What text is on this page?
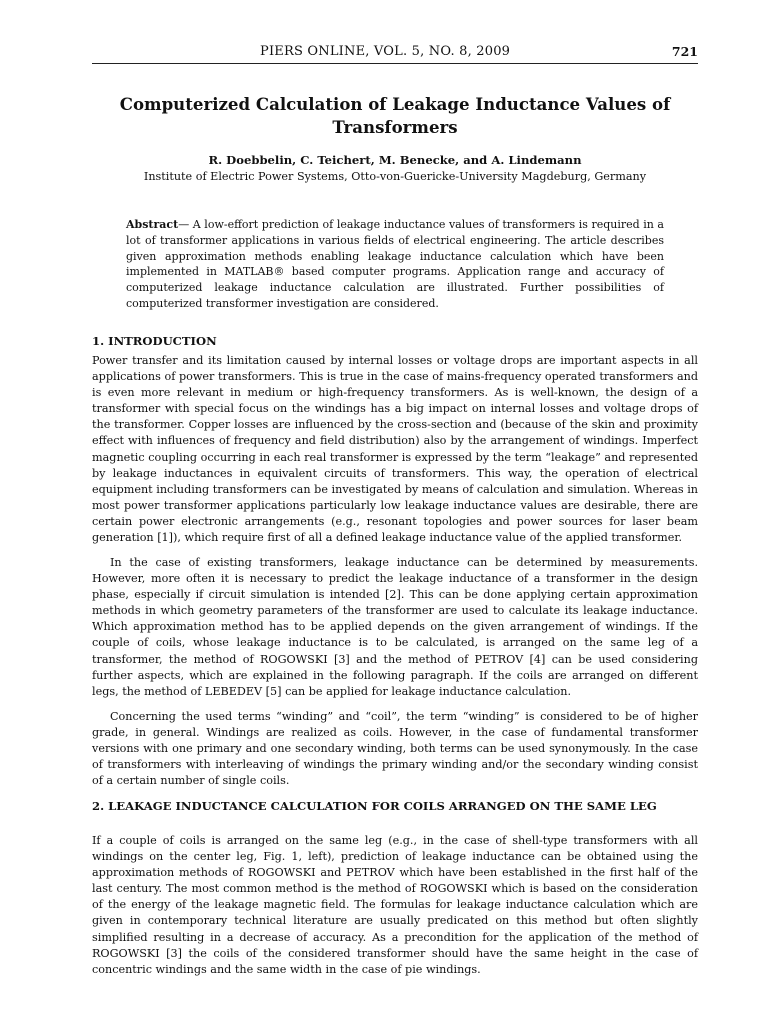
PIERS ONLINE, VOL. 5, NO. 8, 2009	721
Computerized Calculation of Leakage Inductance Values of Transformers
R. Doebbelin, C. Teichert, M. Benecke, and A. Lindemann
Institute of Electric Power Systems, Otto-von-Guericke-University Magdeburg, Germany

Abstract— A low-effort prediction of leakage inductance values of transformers is required in a lot of transformer applications in various fields of electrical engineering. The article describes given approximation methods enabling leakage inductance calculation which have been implemented in MATLAB® based computer programs. Application range and accuracy of computerized leakage inductance calculation are illustrated. Further possibilities of computerized transformer investigation are considered.

1. INTRODUCTION

Power transfer and its limitation caused by internal losses or voltage drops are important aspects in all applications of power transformers. This is true in the case of mains-frequency operated transformers and is even more relevant in medium or high-frequency transformers. As is well-known, the design of a transformer with special focus on the windings has a big impact on internal losses and voltage drops of the transformer. Copper losses are influenced by the cross-section and (because of the skin and proximity effect with influences of frequency and field distribution) also by the arrangement of windings. Imperfect magnetic coupling occurring in each real transformer is expressed by the term “leakage” and represented by leakage inductances in equivalent circuits of transformers. This way, the operation of electrical equipment including transformers can be investigated by means of calculation and simulation. Whereas in most power transformer applications particularly low leakage inductance values are desirable, there are certain power electronic arrangements (e.g., resonant topologies and power sources for laser beam generation [1]), which require first of all a defined leakage inductance value of the applied transformer.

In the case of existing transformers, leakage inductance can be determined by measurements. However, more often it is necessary to predict the leakage inductance of a transformer in the design phase, especially if circuit simulation is intended [2]. This can be done applying certain approximation methods in which geometry parameters of the transformer are used to calculate its leakage inductance. Which approximation method has to be applied depends on the given arrangement of windings. If the couple of coils, whose leakage inductance is to be calculated, is arranged on the same leg of a transformer, the method of ROGOWSKI [3] and the method of PETROV [4] can be used considering further aspects, which are explained in the following paragraph. If the coils are arranged on different legs, the method of LEBEDEV [5] can be applied for leakage inductance calculation.

Concerning the used terms “winding” and “coil”, the term “winding” is considered to be of higher grade, in general. Windings are realized as coils. However, in the case of fundamental transformer versions with one primary and one secondary winding, both terms can be used synonymously. In the case of transformers with interleaving of windings the primary winding and/or the secondary winding consist of a certain number of single coils.

2. LEAKAGE INDUCTANCE CALCULATION FOR COILS ARRANGED ON THE SAME LEG

If a couple of coils is arranged on the same leg (e.g., in the case of shell-type transformers with all windings on the center leg, Fig. 1, left), prediction of leakage inductance can be obtained using the approximation methods of ROGOWSKI and PETROV which have been established in the first half of the last century. The most common method is the method of ROGOWSKI which is based on the consideration of the energy of the leakage magnetic field. The formulas for leakage inductance calculation which are given in contemporary technical literature are usually predicated on this method but often slightly simplified resulting in a decrease of accuracy. As a precondition for the application of the method of ROGOWSKI [3] the coils of the considered transformer should have the same height in the case of concentric windings and the same width in the case of pie windings.
